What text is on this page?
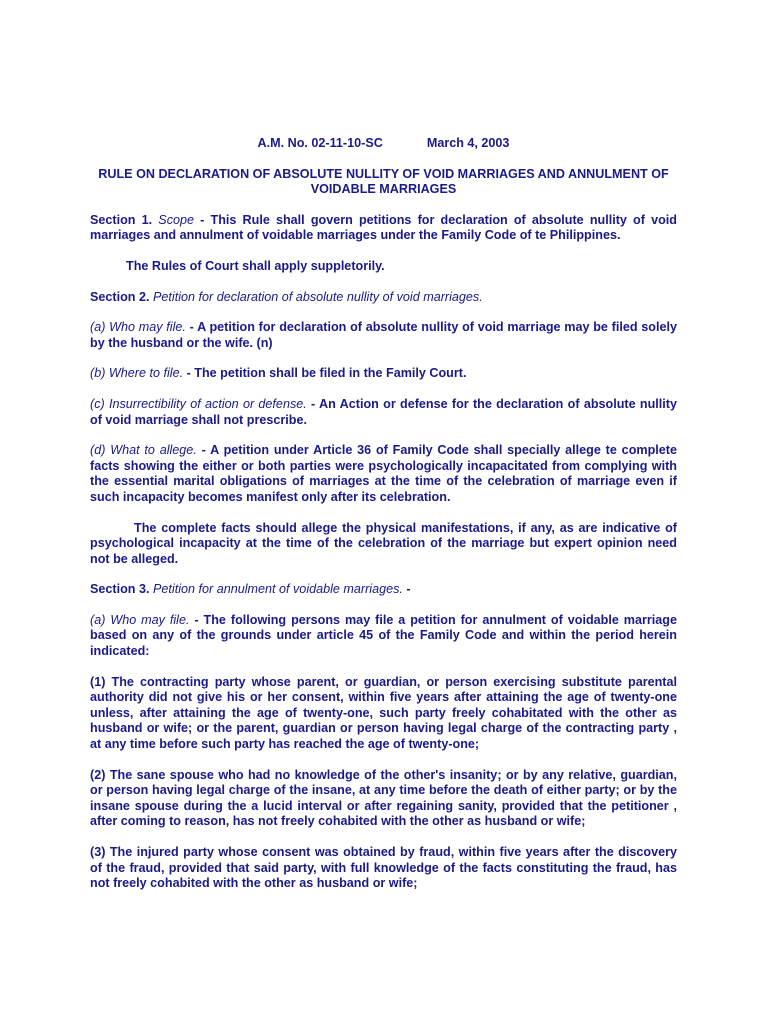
A.M. No. 02-11-10-SC	March 4, 2003

RULE ON DECLARATION OF ABSOLUTE NULLITY OF VOID MARRIAGES AND ANNULMENT OF VOIDABLE MARRIAGES

Section 1. Scope - This Rule shall govern petitions for declaration of absolute nullity of void marriages and annulment of voidable marriages under the Family Code of te Philippines.

The Rules of Court shall apply suppletorily.

Section 2. Petition for declaration of absolute nullity of void marriages.

(a) Who may file. - A petition for declaration of absolute nullity of void marriage may be filed solely by the husband or the wife. (n)

(b) Where to file. - The petition shall be filed in the Family Court.

(c) Insurrectibility of action or defense. - An Action or defense for the declaration of absolute nullity of void marriage shall not prescribe.

(d) What to allege. - A petition under Article 36 of Family Code shall specially allege te complete facts showing the either or both parties were psychologically incapacitated from complying with the essential marital obligations of marriages at the time of the celebration of marriage even if such incapacity becomes manifest only after its celebration.

The complete facts should allege the physical manifestations, if any, as are indicative of psychological incapacity at the time of the celebration of the marriage but expert opinion need not be alleged.

Section 3. Petition for annulment of voidable marriages. -

(a) Who may file. - The following persons may file a petition for annulment of voidable marriage based on any of the grounds under article 45 of the Family Code and within the period herein indicated:

(1) The contracting party whose parent, or guardian, or person exercising substitute parental authority did not give his or her consent, within five years after attaining the age of twenty-one unless, after attaining the age of twenty-one, such party freely cohabitated with the other as husband or wife; or the parent, guardian or person having legal charge of the contracting party , at any time before such party has reached the age of twenty-one;

(2) The sane spouse who had no knowledge of the other's insanity; or by any relative, guardian, or person having legal charge of the insane, at any time before the death of either party; or by the insane spouse during the a lucid interval or after regaining sanity, provided that the petitioner , after coming to reason, has not freely cohabited with the other as husband or wife;

(3) The injured party whose consent was obtained by fraud, within five years after the discovery of the fraud, provided that said party, with full knowledge of the facts constituting the fraud, has not freely cohabited with the other as husband or wife;
